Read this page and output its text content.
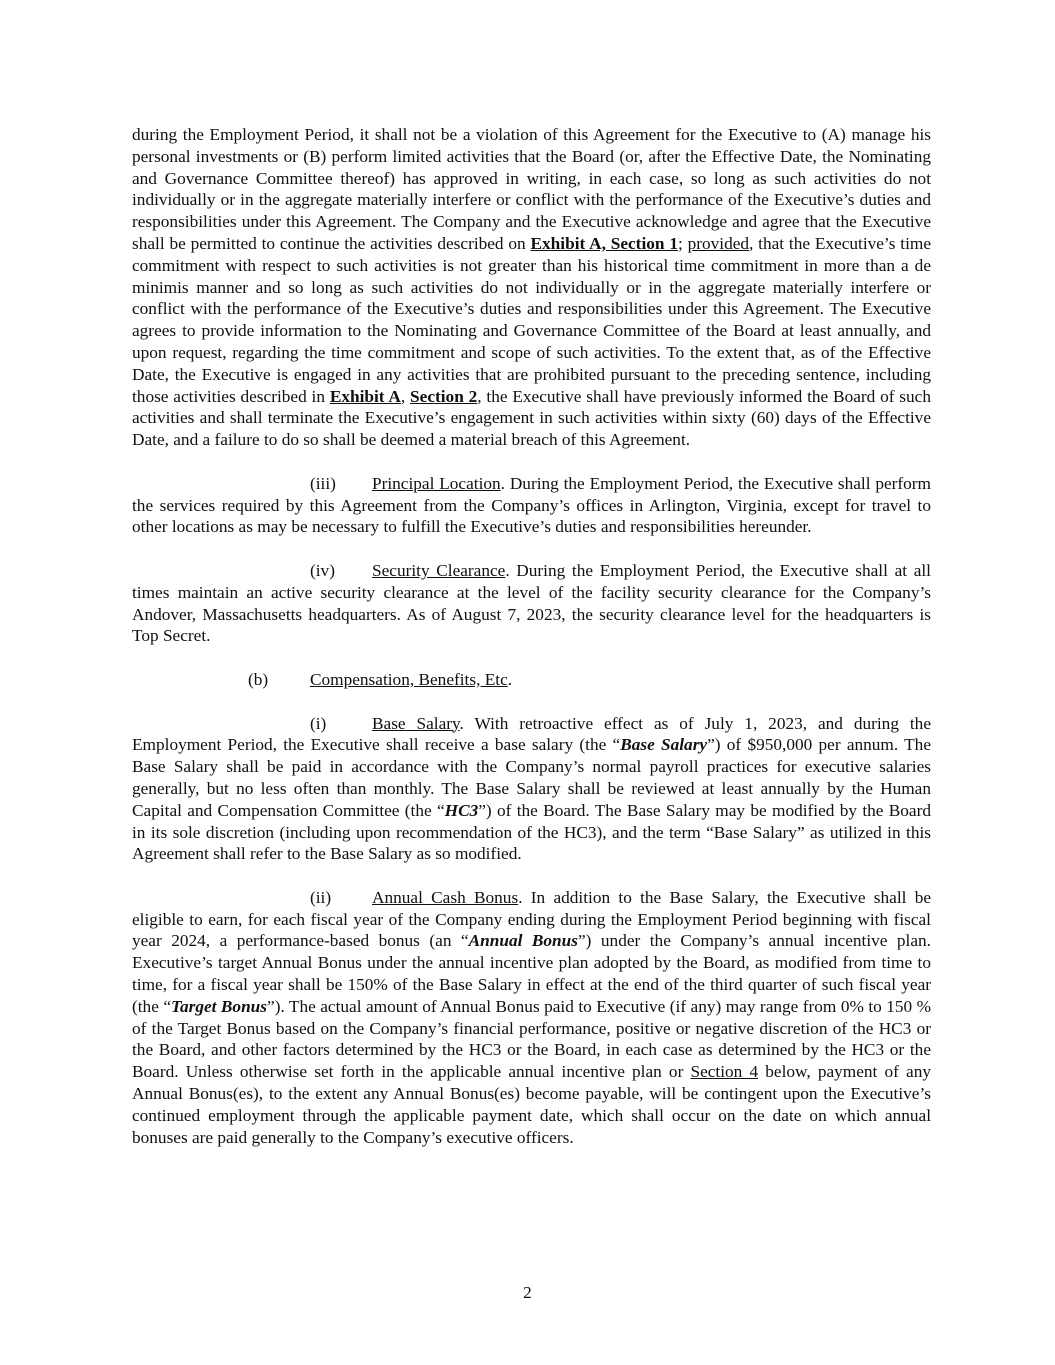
during the Employment Period, it shall not be a violation of this Agreement for the Executive to (A) manage his personal investments or (B) perform limited activities that the Board (or, after the Effective Date, the Nominating and Governance Committee thereof) has approved in writing, in each case, so long as such activities do not individually or in the aggregate materially interfere or conflict with the performance of the Executive’s duties and responsibilities under this Agreement. The Company and the Executive acknowledge and agree that the Executive shall be permitted to continue the activities described on Exhibit A, Section 1; provided, that the Executive’s time commitment with respect to such activities is not greater than his historical time commitment in more than a de minimis manner and so long as such activities do not individually or in the aggregate materially interfere or conflict with the performance of the Executive’s duties and responsibilities under this Agreement. The Executive agrees to provide information to the Nominating and Governance Committee of the Board at least annually, and upon request, regarding the time commitment and scope of such activities. To the extent that, as of the Effective Date, the Executive is engaged in any activities that are prohibited pursuant to the preceding sentence, including those activities described in Exhibit A, Section 2, the Executive shall have previously informed the Board of such activities and shall terminate the Executive’s engagement in such activities within sixty (60) days of the Effective Date, and a failure to do so shall be deemed a material breach of this Agreement.

(iii) Principal Location. During the Employment Period, the Executive shall perform the services required by this Agreement from the Company’s offices in Arlington, Virginia, except for travel to other locations as may be necessary to fulfill the Executive’s duties and responsibilities hereunder.

(iv) Security Clearance. During the Employment Period, the Executive shall at all times maintain an active security clearance at the level of the facility security clearance for the Company’s Andover, Massachusetts headquarters. As of August 7, 2023, the security clearance level for the headquarters is Top Secret.

(b) Compensation, Benefits, Etc.

(i)	Base Salary. With retroactive effect as of July 1, 2023, and during the Employment Period, the Executive shall receive a base salary (the “Base Salary”) of $950,000 per annum. The Base Salary shall be paid in accordance with the Company’s normal payroll practices for executive salaries generally, but no less often than monthly. The Base Salary shall be reviewed at least annually by the Human Capital and Compensation Committee (the “HC3”) of the Board. The Base Salary may be modified by the Board in its sole discretion (including upon recommendation of the HC3), and the term “Base Salary” as utilized in this Agreement shall refer to the Base Salary as so modified.

(ii) Annual Cash Bonus. In addition to the Base Salary, the Executive shall be eligible to earn, for each fiscal year of the Company ending during the Employment Period beginning with fiscal year 2024, a performance-based bonus (an “Annual Bonus”) under the Company’s annual incentive plan. Executive’s target Annual Bonus under the annual incentive plan adopted by the Board, as modified from time to time, for a fiscal year shall be 150% of the Base Salary in effect at the end of the third quarter of such fiscal year (the “Target Bonus”). The actual amount of Annual Bonus paid to Executive (if any) may range from 0% to 150 % of the Target Bonus based on the Company’s financial performance, positive or negative discretion of the HC3 or the Board, and other factors determined by the HC3 or the Board, in each case as determined by the HC3 or the Board. Unless otherwise set forth in the applicable annual incentive plan or Section 4 below, payment of any Annual Bonus(es), to the extent any Annual Bonus(es) become payable, will be contingent upon the Executive’s continued employment through the applicable payment date, which shall occur on the date on which annual bonuses are paid generally to the Company’s executive officers.

2
